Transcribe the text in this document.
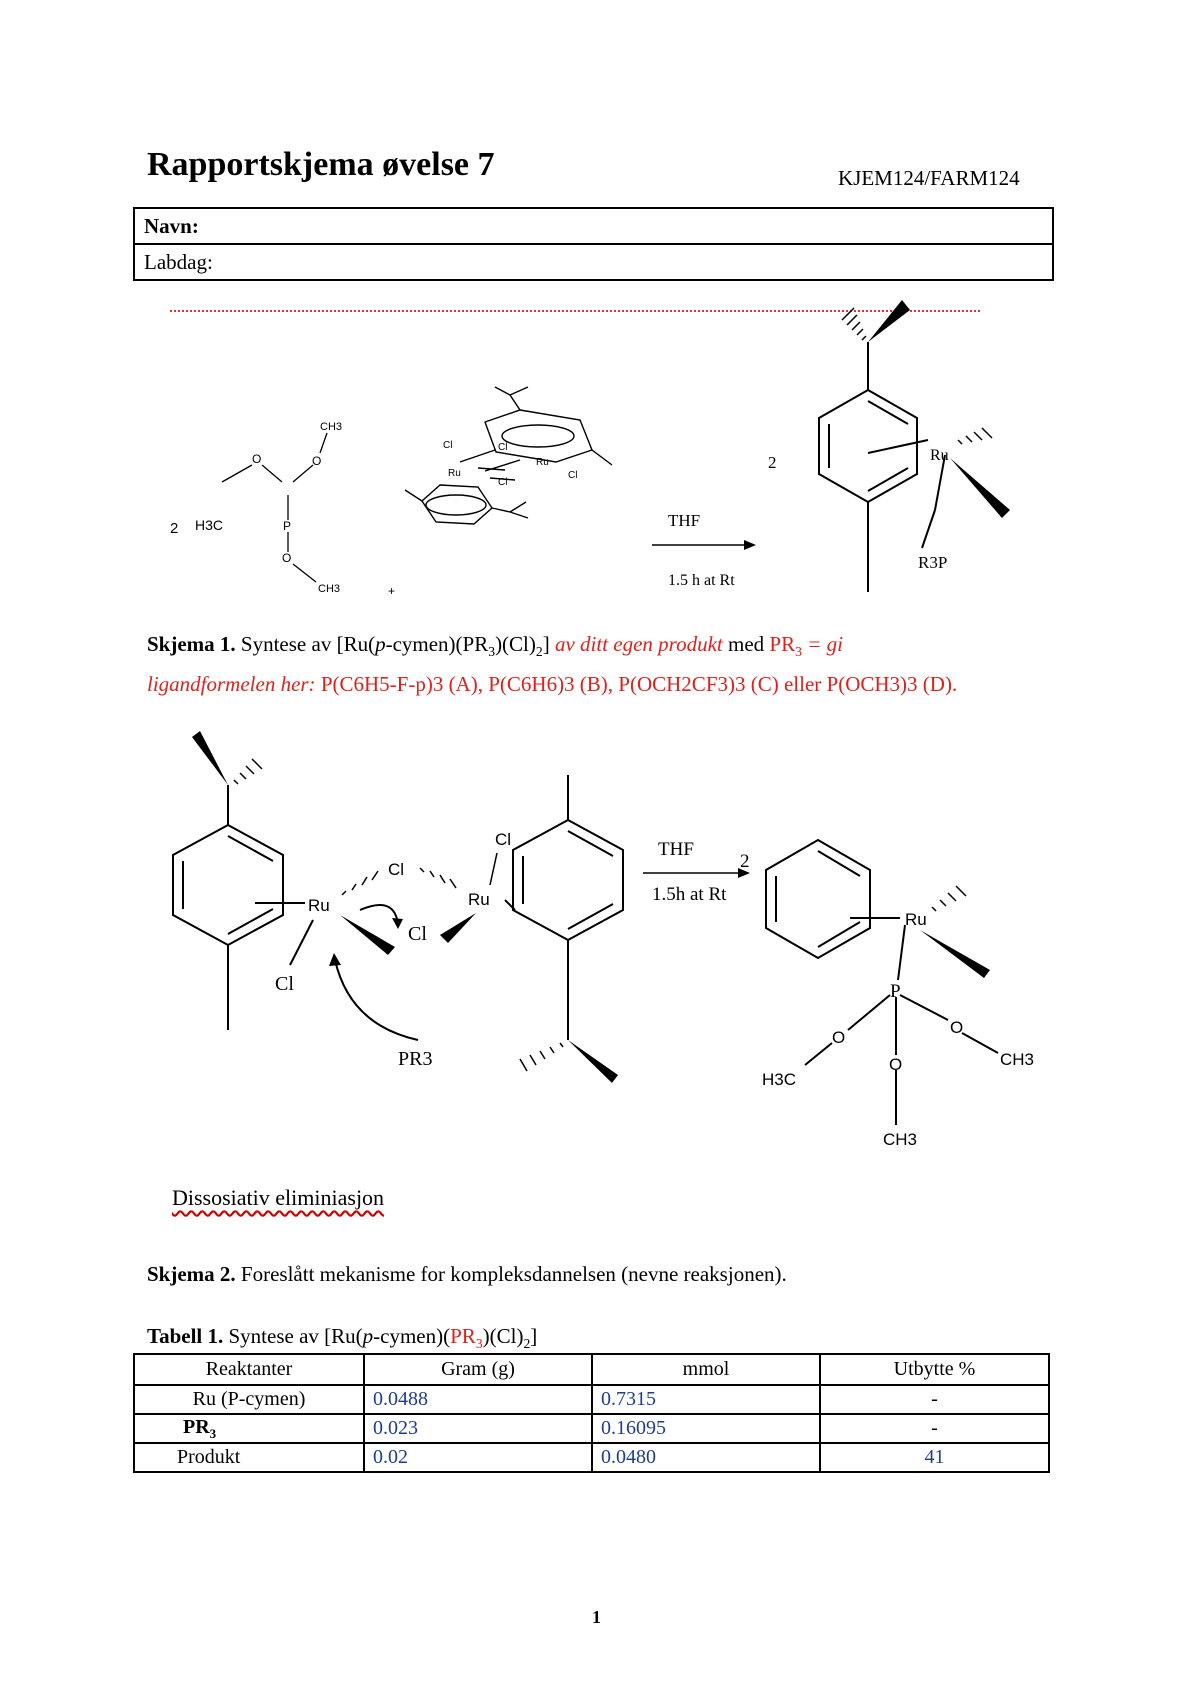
Rapportskjema øvelse 7	KJEM124/FARM124
Navn:
Labdag:
2 H3C
O
P
O
O
CH3
CH3	+
Ru
Ru
Cl	Cl
Cl
Cl
THF
1.5 h at Rt
2	Ru
R3P
Skjema 1. Syntese av $[Ru(p-cymen)(PR_3)(Cl)_2]$ av ditt egen produkt med $PR_3$ = gi
ligandformelen her: P(C6H5-F-p)3 (A), P(C6H6)3 (B), P(OCH2CF3)3 (C) eller P(OCH3)3 (D).
Ru
Cl
Cl
Cl
PR3
Ru
Cl	THF
2
1.5h at Rt
Ru
P
O
O
O	CH3
H3C
CH3
Dissosiativ eliminiasjon
Skjema 2. Foreslått mekanisme for kompleksdannelsen (nevne reaksjonen).
Tabell 1. Syntese av $[Ru(p-cymen)(PR_3)(Cl)_2]$
Reaktanter	Gram (g)	mmol	Utbytte %
Ru (P-cymen)	0.0488	0.7315	-
$PR_3$	0.023	0.16095	-
Produkt	0.02	0.0480	41
1
